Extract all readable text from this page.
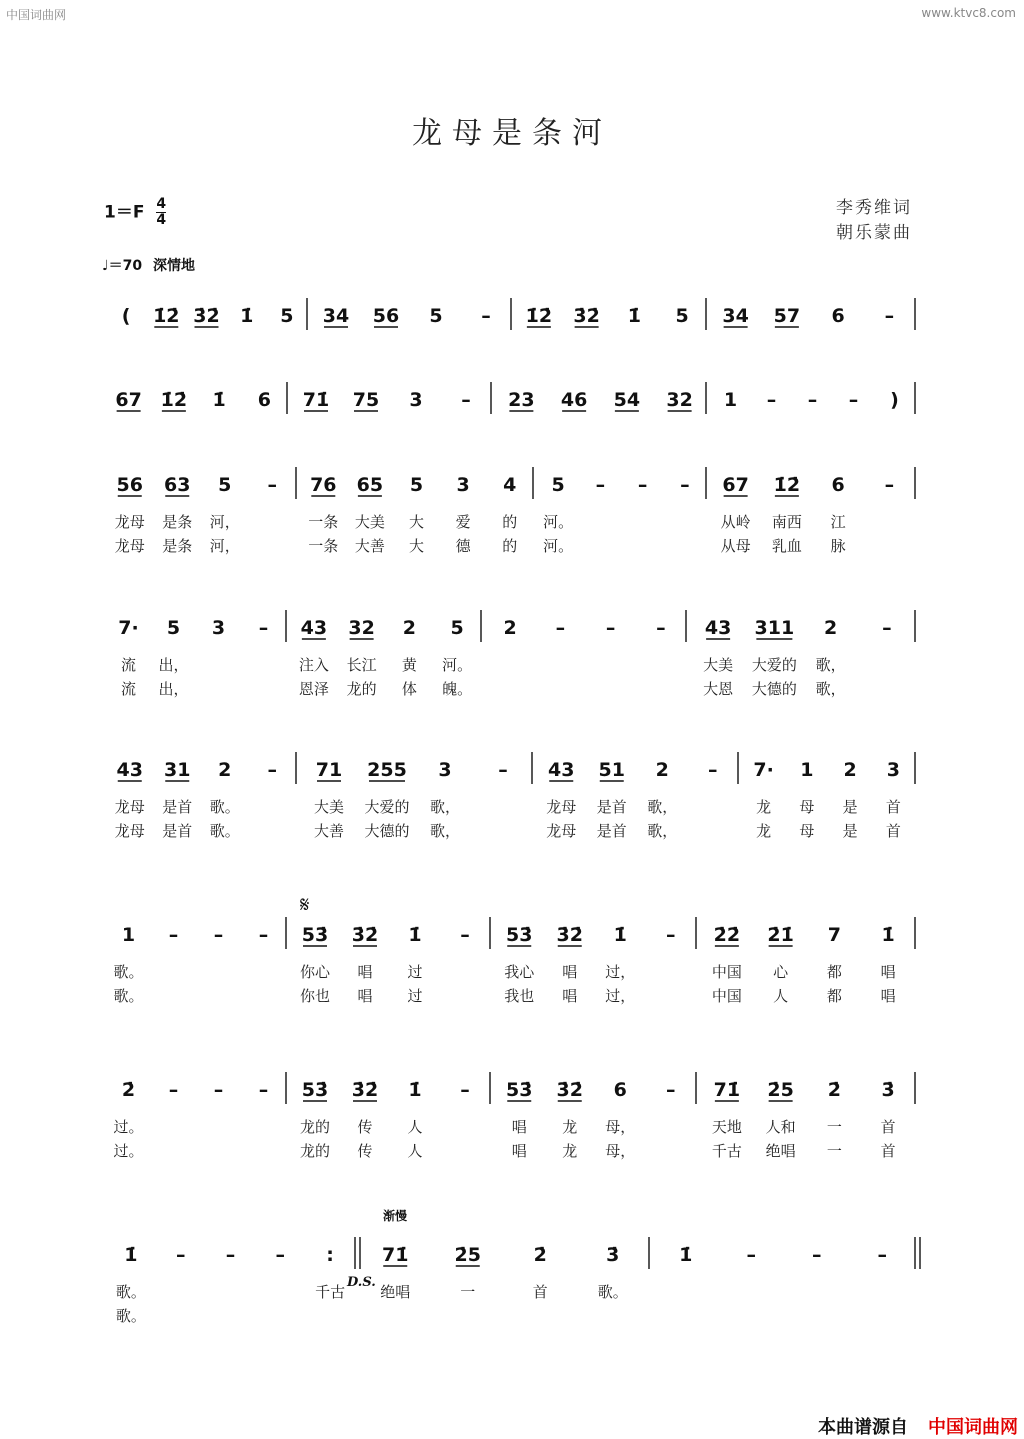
中国词曲网	www.ktvc8.com
龙母是条河
$1=F \frac{4}{4}$	李秀维词
朝乐蒙曲
♩＝70 深情地
𝄋
渐慢
D.S.
( 1̇2̇ 3̇2̇ 1̇ 5 34 56 5 – 1̇2̇ 3̇2̇ 1̇ 5 34 57 6 –
67 1̇2̇ 1̇ 6 71̇ 75 3 – 23 46 54 32 1 – – – )
56 63 5 – 76 65 5 3 4 5 – – – 67 1̇2̇ 6 –
龙母 是条 河，	一条 大美 大 爱 的 河。	从岭 南西 江
龙母 是条 河，	一条 大善 大 德 的 河。	从母 乳血 脉
7· 5 3 – 43 32 2 5 2 – – – 43 311 2 –
流 出，	注入 长江 黄 河。	大美 大爱的 歌，
流 出，	恩泽 龙的 体 魄。	大恩 大德的 歌，
43 31 2 – 71 255 3 – 43 51 2 – 7· 1 2 3
龙母 是首 歌。	大美 大爱的 歌，	龙母 是首 歌，	龙 母 是 首
龙母 是首 歌。	大善 大德的 歌，	龙母 是首 歌，	龙 母 是 首
1 – – – 53̇ 3̇2̇ 1̇ – 53̇ 3̇2̇ 1̇ – 2̇2̇ 2̇1̇ 7 1̇
歌。	你心 唱 过	我心 唱 过，	中国 心	都	唱
歌。	你也 唱 过	我也 唱 过，	中国 人	都	唱
2̇ – – – 53̇ 3̇2̇ 1̇ – 53̇ 3̇2̇ 6 – 71̇ 2̇5 2̇ 3̇
过。	龙的 传 人	唱 龙 母，	天地 人和 一	首
过。	龙的 传 人	唱 龙 母，	千古 绝唱 一	首
1̇ – – – :	71̇ 2̇5	2̇	3̇	1̇	–	–	–
歌。	千古 绝唱	一	首	歌。
歌。
本曲谱源自 中国词曲网
